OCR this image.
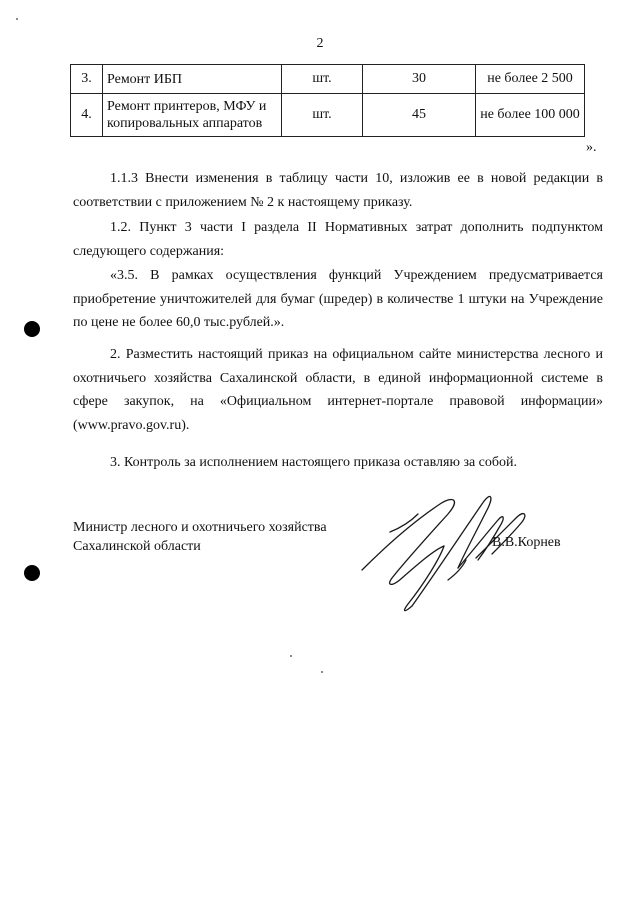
2
3.	Ремонт ИБП	шт.	30	не более 2 500
4.	Ремонт принтеров, МФУ и копировальных аппаратов	шт.	45	не более 100 000
».

1.1.3 Внести изменения в таблицу части 10, изложив ее в новой редакции в соответствии с приложением № 2 к настоящему приказу.

1.2. Пункт 3 части I раздела II Нормативных затрат дополнить подпунктом следующего содержания:

«3.5. В рамках осуществления функций Учреждением предусматривается приобретение уничтожителей для бумаг (шредер) в количестве 1 штуки на Учреждение по цене не более 60,0 тыс.рублей.».

2. Разместить настоящий приказ на официальном сайте министерства лесного и охотничьего хозяйства Сахалинской области, в единой информационной системе в сфере закупок, на «Официальном интернет-портале правовой информации» (www.pravo.gov.ru).

3. Контроль за исполнением настоящего приказа оставляю за собой.

Министр лесного и охотничьего хозяйства
Сахалинской области	В.В.Корнев
